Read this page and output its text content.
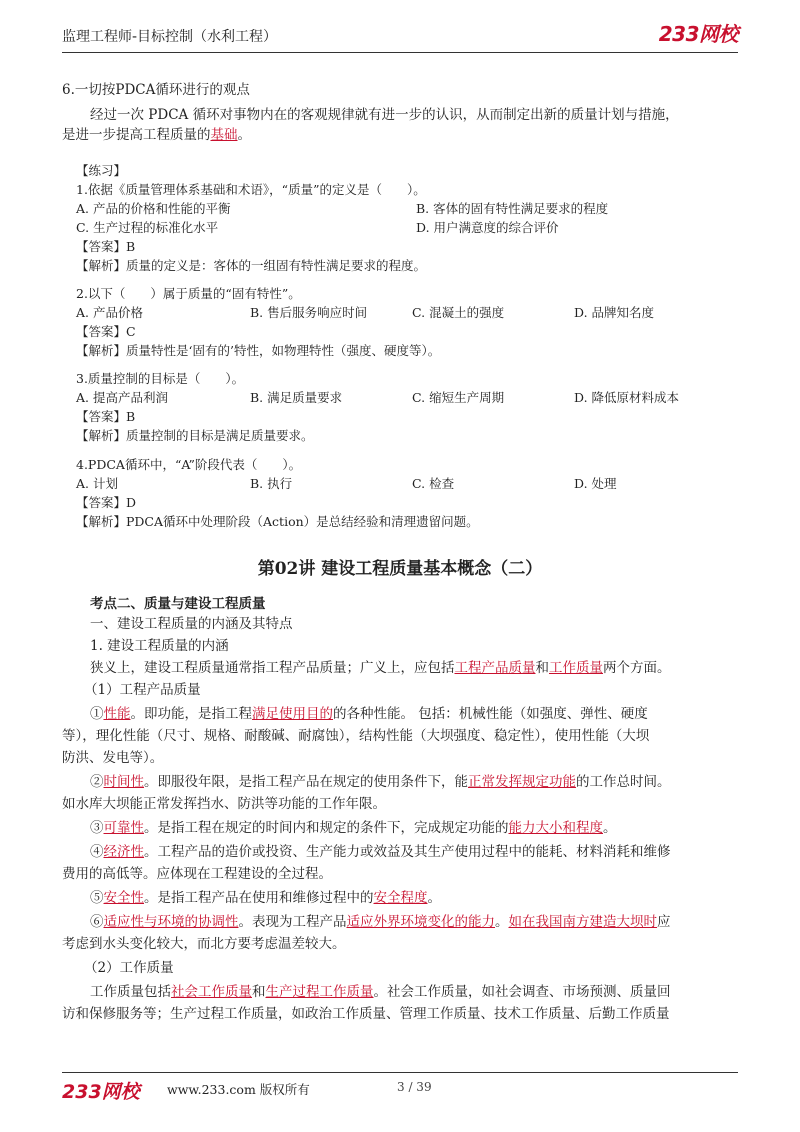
监理工程师-目标控制（水利工程）	233网校
6.一切按PDCA循环进行的观点
经过一次 PDCA 循环对事物内在的客观规律就有进一步的认识，从而制定出新的质量计划与措施，
是进一步提高工程质量的基础。
【练习】
1.依据《质量管理体系基础和术语》，“质量”的定义是（　　）。
A. 产品的价格和性能的平衡	B. 客体的固有特性满足要求的程度
C. 生产过程的标准化水平	D. 用户满意度的综合评价
【答案】B
【解析】质量的定义是：客体的一组固有特性满足要求的程度。
2.以下（　　）属于质量的“固有特性”。
A. 产品价格	B. 售后服务响应时间	C. 混凝土的强度	D. 品牌知名度
【答案】C
【解析】质量特性是‘固有的’特性，如物理特性（强度、硬度等）。
3.质量控制的目标是（　　）。
A. 提高产品利润	B. 满足质量要求	C. 缩短生产周期	D. 降低原材料成本
【答案】B
【解析】质量控制的目标是满足质量要求。
4.PDCA循环中，“A”阶段代表（　　）。
A. 计划	B. 执行	C. 检查	D. 处理
【答案】D
【解析】PDCA循环中处理阶段（Action）是总结经验和清理遗留问题。
第02讲 建设工程质量基本概念（二）
考点二、质量与建设工程质量
一、建设工程质量的内涵及其特点
1. 建设工程质量的内涵
狭义上，建设工程质量通常指工程产品质量；广义上，应包括工程产品质量和工作质量两个方面。
（1）工程产品质量
①性能。即功能，是指工程满足使用目的的各种性能。 包括：机械性能（如强度、弹性、硬度
等），理化性能（尺寸、规格、耐酸碱、耐腐蚀），结构性能（大坝强度、稳定性），使用性能（大坝
防洪、发电等）。
②时间性。即服役年限，是指工程产品在规定的使用条件下，能正常发挥规定功能的工作总时间。
如水库大坝能正常发挥挡水、防洪等功能的工作年限。
③可靠性。是指工程在规定的时间内和规定的条件下，完成规定功能的能力大小和程度。
④经济性。工程产品的造价或投资、生产能力或效益及其生产使用过程中的能耗、材料消耗和维修
费用的高低等。应体现在工程建设的全过程。
⑤安全性。是指工程产品在使用和维修过程中的安全程度。
⑥适应性与环境的协调性。表现为工程产品适应外界环境变化的能力。如在我国南方建造大坝时应
考虑到水头变化较大，而北方要考虑温差较大。
（2）工作质量
工作质量包括社会工作质量和生产过程工作质量。社会工作质量，如社会调查、市场预测、质量回
访和保修服务等；生产过程工作质量，如政治工作质量、管理工作质量、技术工作质量、后勤工作质量
233网校 www.233.com 版权所有	3 / 39
